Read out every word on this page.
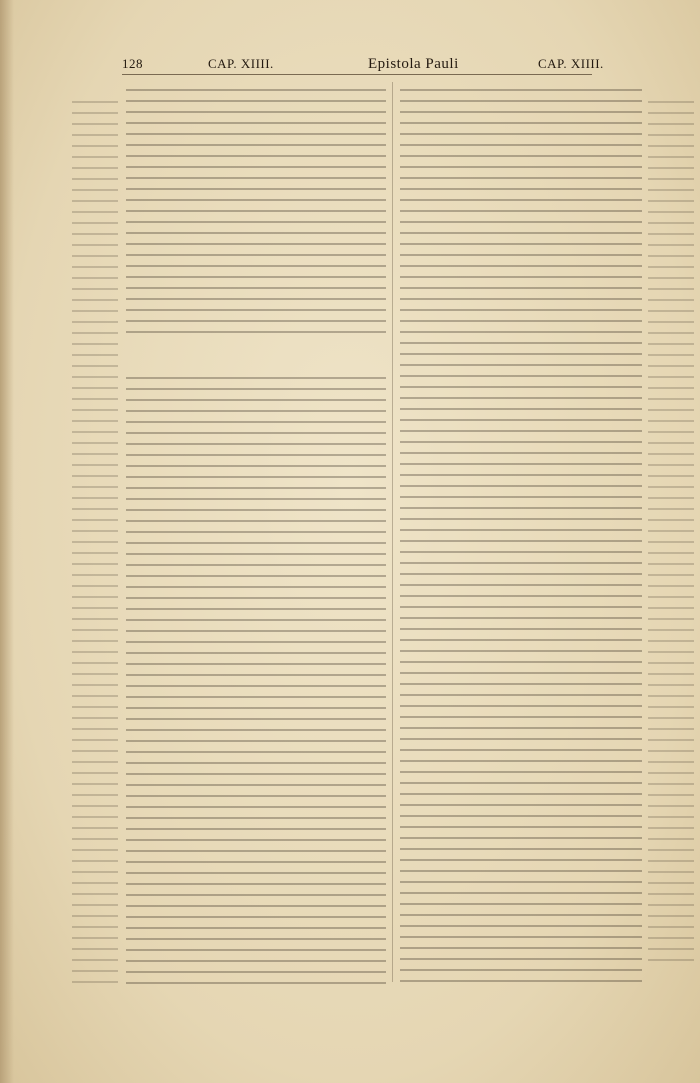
128	CAP. XIIII.	Epistola Pauli	CAP. XIIII.
